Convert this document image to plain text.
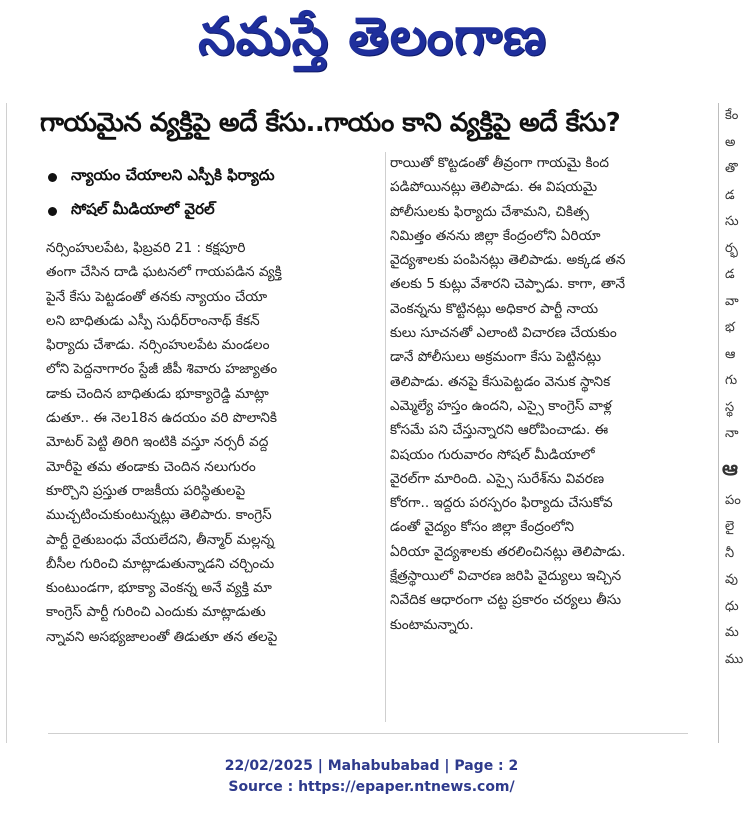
నమస్తే తెలంగాణ
గాయమైన వ్యక్తిపై అదే కేసు..గాయం కాని వ్యక్తిపై అదే కేసు?
న్యాయం చేయాలని ఎస్పీకి ఫిర్యాదు
సోషల్ మీడియాలో వైరల్

నర్సింహులపేట, ఫిబ్రవరి 21 : కక్షపూరి

తంగా చేసిన దాడి ఘటనలో గాయపడిన వ్యక్తి

పైనే కేసు పెట్టడంతో తనకు న్యాయం చేయా

లని బాధితుడు ఎస్పీ సుధీర్‌రాంనాథ్ కేకన్

ఫిర్యాదు చేశాడు. నర్సింహులపేట మండలం

లోని పెద్దనాగారం స్టేజీ జీపీ శివారు హజ్యాతం

డాకు చెందిన బాధితుడు భూక్యారెడ్డి మాట్లా

డుతూ.. ఈ నెల18న ఉదయం వరి పొలానికి

మోటర్ పెట్టి తిరిగి ఇంటికి వస్తూ నర్సరీ వద్ద

మోరీపై తమ తండాకు చెందిన నలుగురం

కూర్చొని ప్రస్తుత రాజకీయ పరిస్థితులపై

ముచ్చటించుకుంటున్నట్లు తెలిపారు. కాంగ్రెస్

పార్టీ రైతుబంధు వేయలేదని, తీన్మార్ మల్లన్న

బీసీల గురించి మాట్లాడుతున్నాడని చర్చించు

కుంటుండగా, భూక్యా వెంకన్న అనే వ్యక్తి మా

కాంగ్రెస్ పార్టీ గురించి ఎందుకు మాట్లాడుతు

న్నావని అసభ్యజాలంతో తిడుతూ తన తలపై

రాయితో కొట్టడంతో తీవ్రంగా గాయమై కింద

పడిపోయినట్లు తెలిపాడు. ఈ విషయమై

పోలీసులకు ఫిర్యాదు చేశామని, చికిత్స

నిమిత్తం తనను జిల్లా కేంద్రంలోని ఏరియా

వైద్యశాలకు పంపినట్లు తెలిపాడు. అక్కడ తన

తలకు 5 కుట్లు వేశారని చెప్పాడు. కాగా, తానే

వెంకన్నను కొట్టినట్లు అధికార పార్టీ నాయ

కులు సూచనతో ఎలాంటి విచారణ చేయకుం

డానే పోలీసులు అక్రమంగా కేసు పెట్టినట్లు

తెలిపాడు. తనపై కేసుపెట్టడం వెనుక స్థానిక

ఎమ్మెల్యే హస్తం ఉందని, ఎస్సై కాంగ్రెస్ వాళ్ల

కోసమే పని చేస్తున్నారని ఆరోపించాడు. ఈ

విషయం గురువారం సోషల్ మీడియాలో

వైరల్‌గా మారింది. ఎస్సై సురేశ్‌ను వివరణ

కోరగా.. ఇద్దరు పరస్పరం ఫిర్యాదు చేసుకోవ

డంతో వైద్యం కోసం జిల్లా కేంద్రంలోని

ఏరియా వైద్యశాలకు తరలించినట్లు తెలిపాడు.

క్షేత్రస్థాయిలో విచారణ జరిపి వైద్యులు ఇచ్చిన

నివేదిక ఆధారంగా చట్ట ప్రకారం చర్యలు తీసు

కుంటామన్నారు.

కేం
అ
తొ
డ
సు
ర్భ
డ
వా
భ
ఆ
గు
స్థ
నా
ఆ
పం
లై
నీ
వు
ధు
మ
ము
22/02/2025 | Mahabubabad | Page : 2
Source : https://epaper.ntnews.com/
